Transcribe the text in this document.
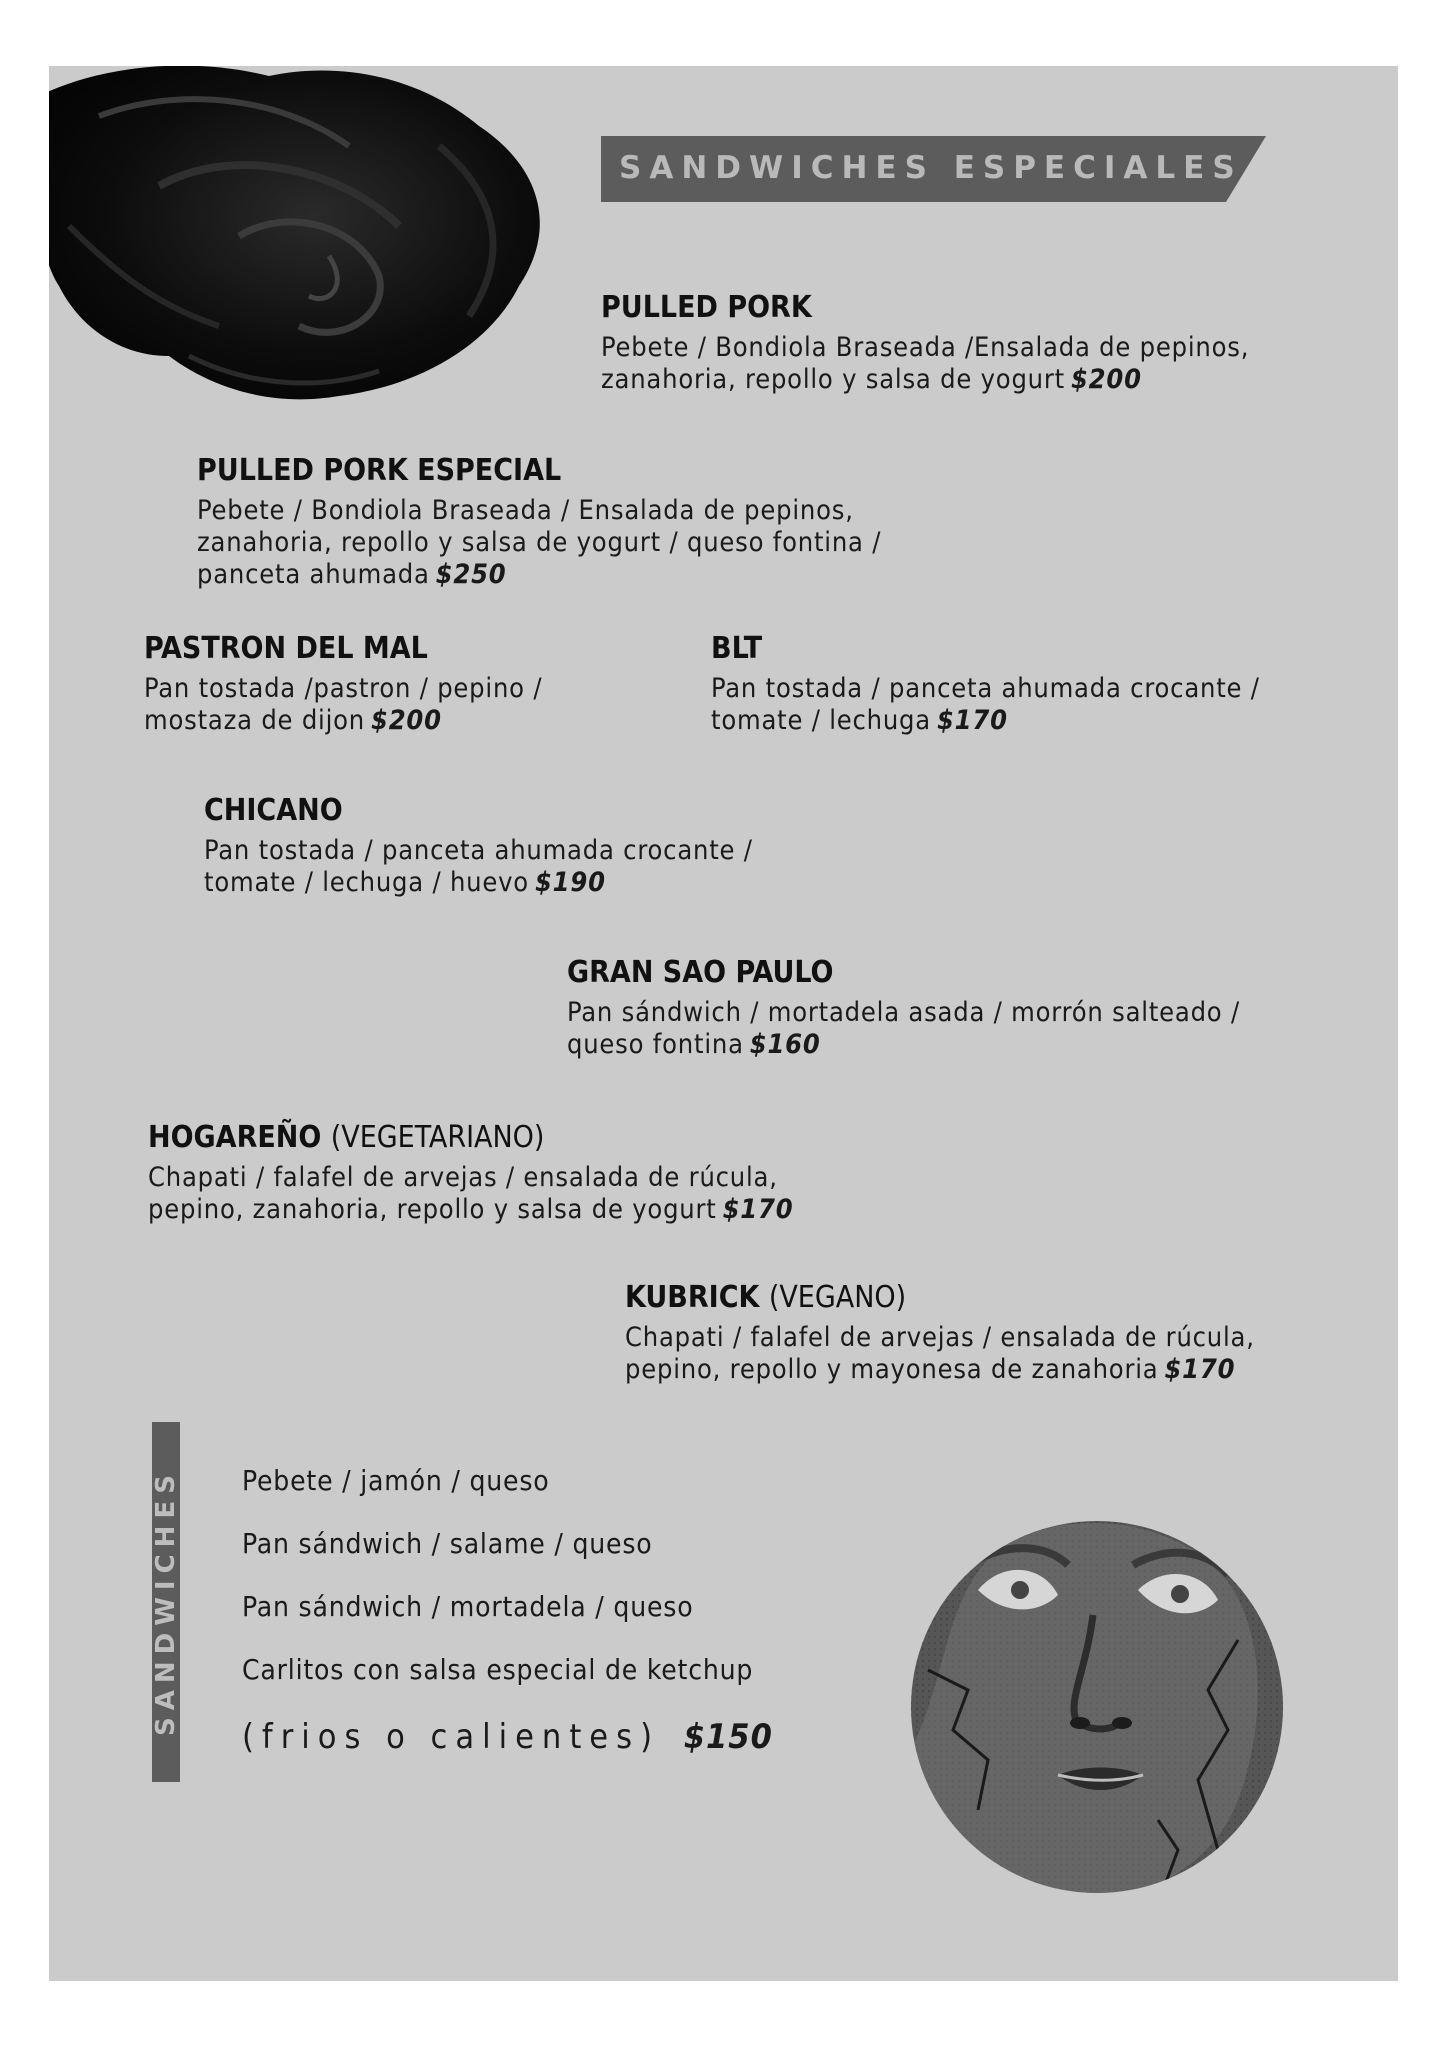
SANDWICHES ESPECIALES
PULLED PORK
Pebete / Bondiola Braseada /Ensalada de pepinos,
zanahoria, repollo y salsa de yogurt $200
PULLED PORK ESPECIAL
Pebete / Bondiola Braseada / Ensalada de pepinos,
zanahoria, repollo y salsa de yogurt / queso fontina /
panceta ahumada $250
PASTRON DEL MAL
Pan tostada /pastron / pepino /
mostaza de dijon $200
BLT
Pan tostada / panceta ahumada crocante /
tomate / lechuga $170
CHICANO
Pan tostada / panceta ahumada crocante /
tomate / lechuga / huevo $190
GRAN SAO PAULO
Pan sándwich / mortadela asada / morrón salteado /
queso fontina $160
HOGAREÑO (VEGETARIANO)
Chapati / falafel de arvejas / ensalada de rúcula,
pepino, zanahoria, repollo y salsa de yogurt $170
KUBRICK (VEGANO)
Chapati / falafel de arvejas / ensalada de rúcula,
pepino, repollo y mayonesa de zanahoria $170
SANDWICHES Pebete / jamón / queso
Pan sándwich / salame / queso
Pan sándwich / mortadela / queso
Carlitos con salsa especial de ketchup
(frios o calientes) $150
